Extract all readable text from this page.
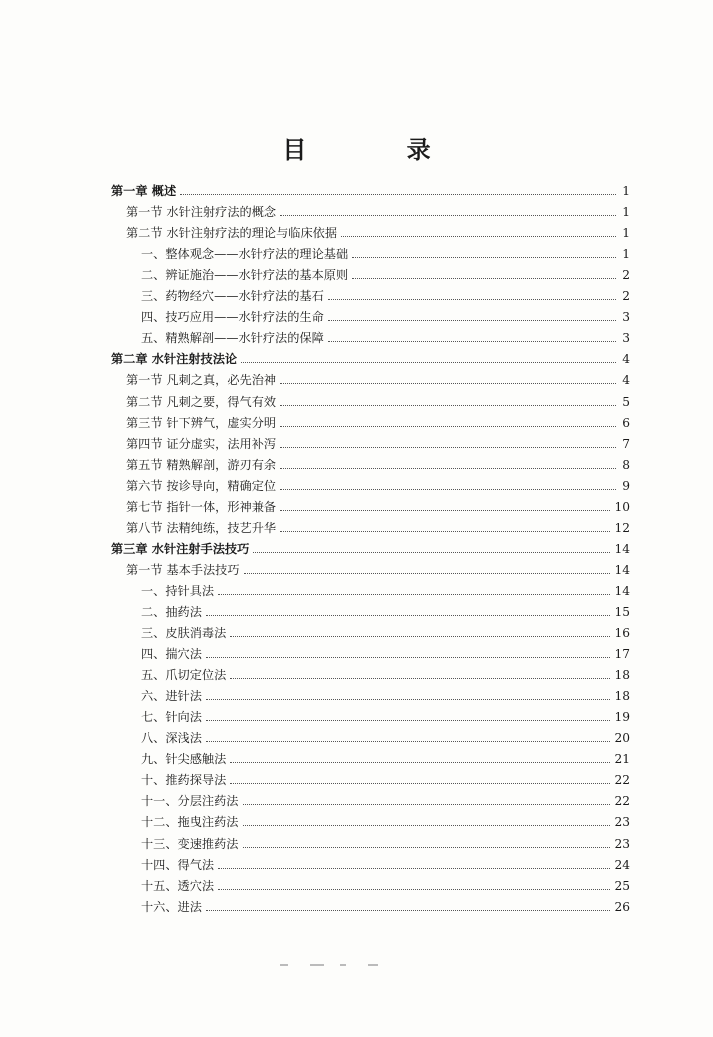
目 录
第一章 概述	1
第一节 水针注射疗法的概念	1
第二节 水针注射疗法的理论与临床依据	1
一、整体观念——水针疗法的理论基础	1
二、辨证施治——水针疗法的基本原则	2
三、药物经穴——水针疗法的基石	2
四、技巧应用——水针疗法的生命	3
五、精熟解剖——水针疗法的保障	3
第二章 水针注射技法论	4
第一节 凡刺之真，必先治神	4
第二节 凡刺之要，得气有效	5
第三节 针下辨气，虚实分明	6
第四节 证分虚实，法用补泻	7
第五节 精熟解剖，游刃有余	8
第六节 按诊导向，精确定位	9
第七节 指针一体，形神兼备	10
第八节 法精纯练，技艺升华	12
第三章 水针注射手法技巧	14
第一节 基本手法技巧	14
一、持针具法	14
二、抽药法	15
三、皮肤消毒法	16
四、揣穴法	17
五、爪切定位法	18
六、进针法	18
七、针向法	19
八、深浅法	20
九、针尖感触法	21
十、推药探导法	22
十一、分层注药法	22
十二、拖曳注药法	23
十三、变速推药法	23
十四、得气法	24
十五、透穴法	25
十六、进法	26
